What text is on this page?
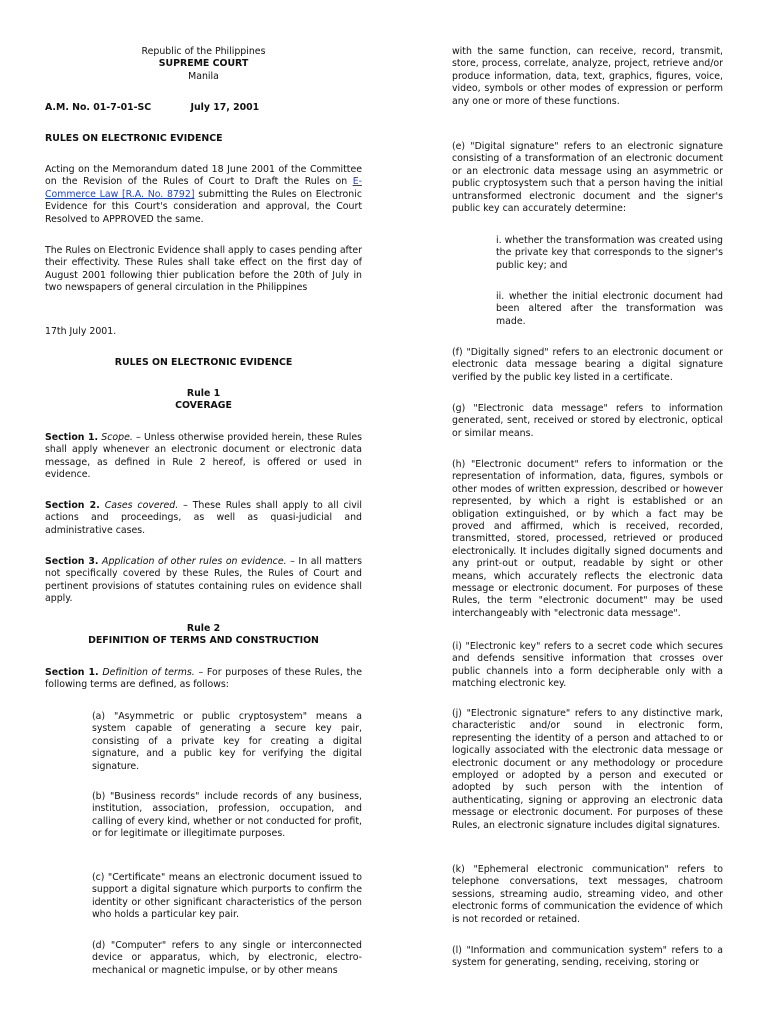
Republic of the Philippines

SUPREME COURT

Manila

A.M. No. 01-7-01-SC	July 17, 2001

RULES ON ELECTRONIC EVIDENCE

Acting on the Memorandum dated 18 June 2001 of the Committee on the Revision of the Rules of Court to Draft the Rules on E-Commerce Law [R.A. No. 8792] submitting the Rules on Electronic Evidence for this Court's consideration and approval, the Court Resolved to APPROVED the same.

The Rules on Electronic Evidence shall apply to cases pending after their effectivity. These Rules shall take effect on the first day of August 2001 following thier publication before the 20th of July in two newspapers of general circulation in the Philippines

17th July 2001.

RULES ON ELECTRONIC EVIDENCE

Rule 1

COVERAGE

Section 1. Scope. – Unless otherwise provided herein, these Rules shall apply whenever an electronic document or electronic data message, as defined in Rule 2 hereof, is offered or used in evidence.

Section 2. Cases covered. – These Rules shall apply to all civil actions and proceedings, as well as quasi-judicial and administrative cases.

Section 3. Application of other rules on evidence. – In all matters not specifically covered by these Rules, the Rules of Court and pertinent provisions of statutes containing rules on evidence shall apply.

Rule 2

DEFINITION OF TERMS AND CONSTRUCTION

Section 1. Definition of terms. – For purposes of these Rules, the following terms are defined, as follows:

(a) "Asymmetric or public cryptosystem" means a system capable of generating a secure key pair, consisting of a private key for creating a digital signature, and a public key for verifying the digital signature.

(b) "Business records" include records of any business, institution, association, profession, occupation, and calling of every kind, whether or not conducted for profit, or for legitimate or illegitimate purposes.

(c) "Certificate" means an electronic document issued to support a digital signature which purports to confirm the identity or other significant characteristics of the person who holds a particular key pair.

(d) "Computer" refers to any single or interconnected device or apparatus, which, by electronic, electro-mechanical or magnetic impulse, or by other means

with the same function, can receive, record, transmit, store, process, correlate, analyze, project, retrieve and/or produce information, data, text, graphics, figures, voice, video, symbols or other modes of expression or perform any one or more of these functions.

(e) "Digital signature" refers to an electronic signature consisting of a transformation of an electronic document or an electronic data message using an asymmetric or public cryptosystem such that a person having the initial untransformed electronic document and the signer's public key can accurately determine:

i. whether the transformation was created using the private key that corresponds to the signer's public key; and

ii. whether the initial electronic document had been altered after the transformation was made.

(f) "Digitally signed" refers to an electronic document or electronic data message bearing a digital signature verified by the public key listed in a certificate.

(g) "Electronic data message" refers to information generated, sent, received or stored by electronic, optical or similar means.

(h) "Electronic document" refers to information or the representation of information, data, figures, symbols or other modes of written expression, described or however represented, by which a right is established or an obligation extinguished, or by which a fact may be proved and affirmed, which is received, recorded, transmitted, stored, processed, retrieved or produced electronically. It includes digitally signed documents and any print-out or output, readable by sight or other means, which accurately reflects the electronic data message or electronic document. For purposes of these Rules, the term "electronic document" may be used interchangeably with "electronic data message".

(i) "Electronic key" refers to a secret code which secures and defends sensitive information that crosses over public channels into a form decipherable only with a matching electronic key.

(j) "Electronic signature" refers to any distinctive mark, characteristic and/or sound in electronic form, representing the identity of a person and attached to or logically associated with the electronic data message or electronic document or any methodology or procedure employed or adopted by a person and executed or adopted by such person with the intention of authenticating, signing or approving an electronic data message or electronic document. For purposes of these Rules, an electronic signature includes digital signatures.

(k) "Ephemeral electronic communication" refers to telephone conversations, text messages, chatroom sessions, streaming audio, streaming video, and other electronic forms of communication the evidence of which is not recorded or retained.

(l) "Information and communication system" refers to a system for generating, sending, receiving, storing or
